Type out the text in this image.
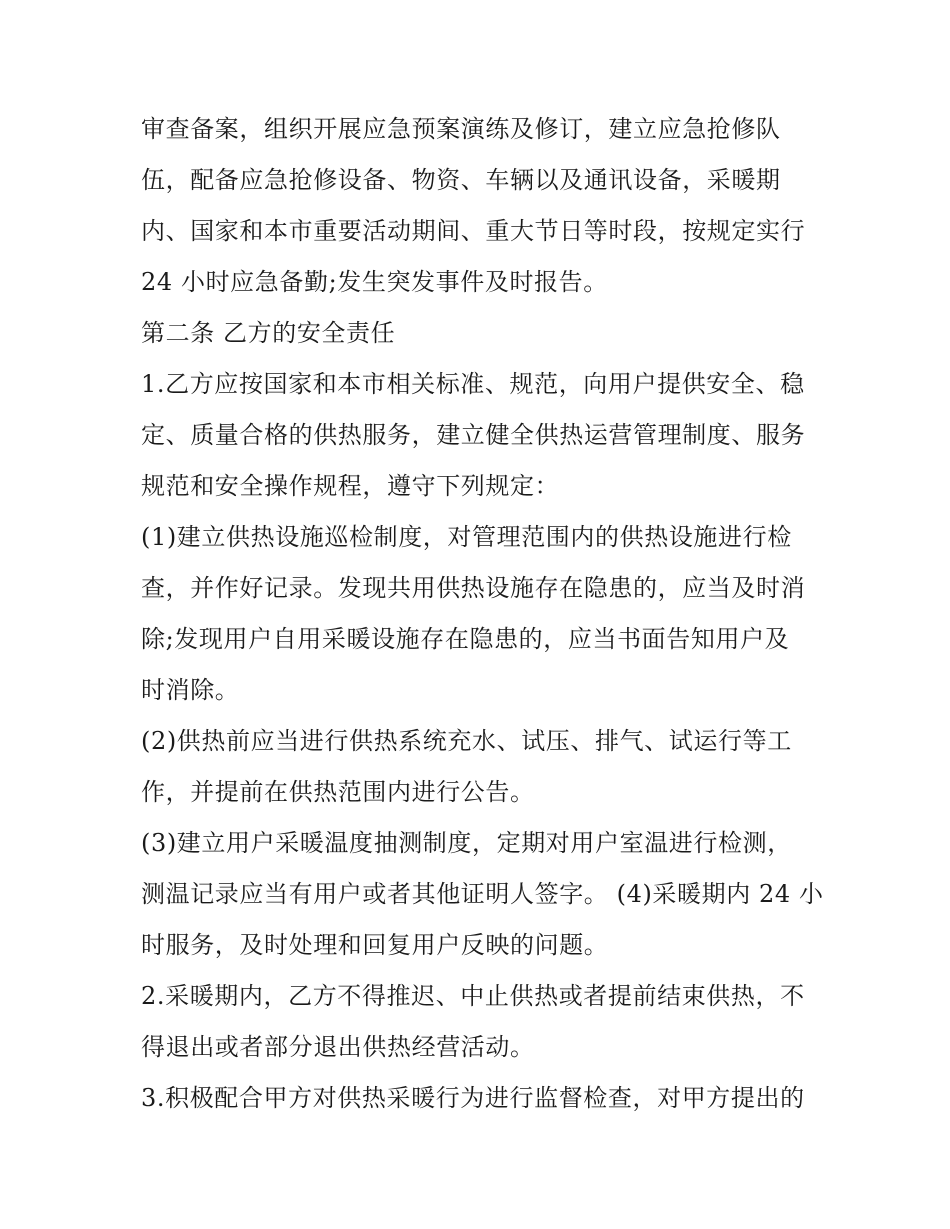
审查备案，组织开展应急预案演练及修订，建立应急抢修队
伍，配备应急抢修设备、物资、车辆以及通讯设备，采暖期
内、国家和本市重要活动期间、重大节日等时段，按规定实行
24 小时应急备勤;发生突发事件及时报告。
第二条 乙方的安全责任
1.乙方应按国家和本市相关标准、规范，向用户提供安全、稳
定、质量合格的供热服务，建立健全供热运营管理制度、服务
规范和安全操作规程，遵守下列规定：
(1)建立供热设施巡检制度，对管理范围内的供热设施进行检
查，并作好记录。发现共用供热设施存在隐患的，应当及时消
除;发现用户自用采暖设施存在隐患的，应当书面告知用户及
时消除。
(2)供热前应当进行供热系统充水、试压、排气、试运行等工
作，并提前在供热范围内进行公告。
(3)建立用户采暖温度抽测制度，定期对用户室温进行检测，
测温记录应当有用户或者其他证明人签字。 (4)采暖期内 24 小
时服务，及时处理和回复用户反映的问题。
2.采暖期内，乙方不得推迟、中止供热或者提前结束供热，不
得退出或者部分退出供热经营活动。
3.积极配合甲方对供热采暖行为进行监督检查，对甲方提出的
